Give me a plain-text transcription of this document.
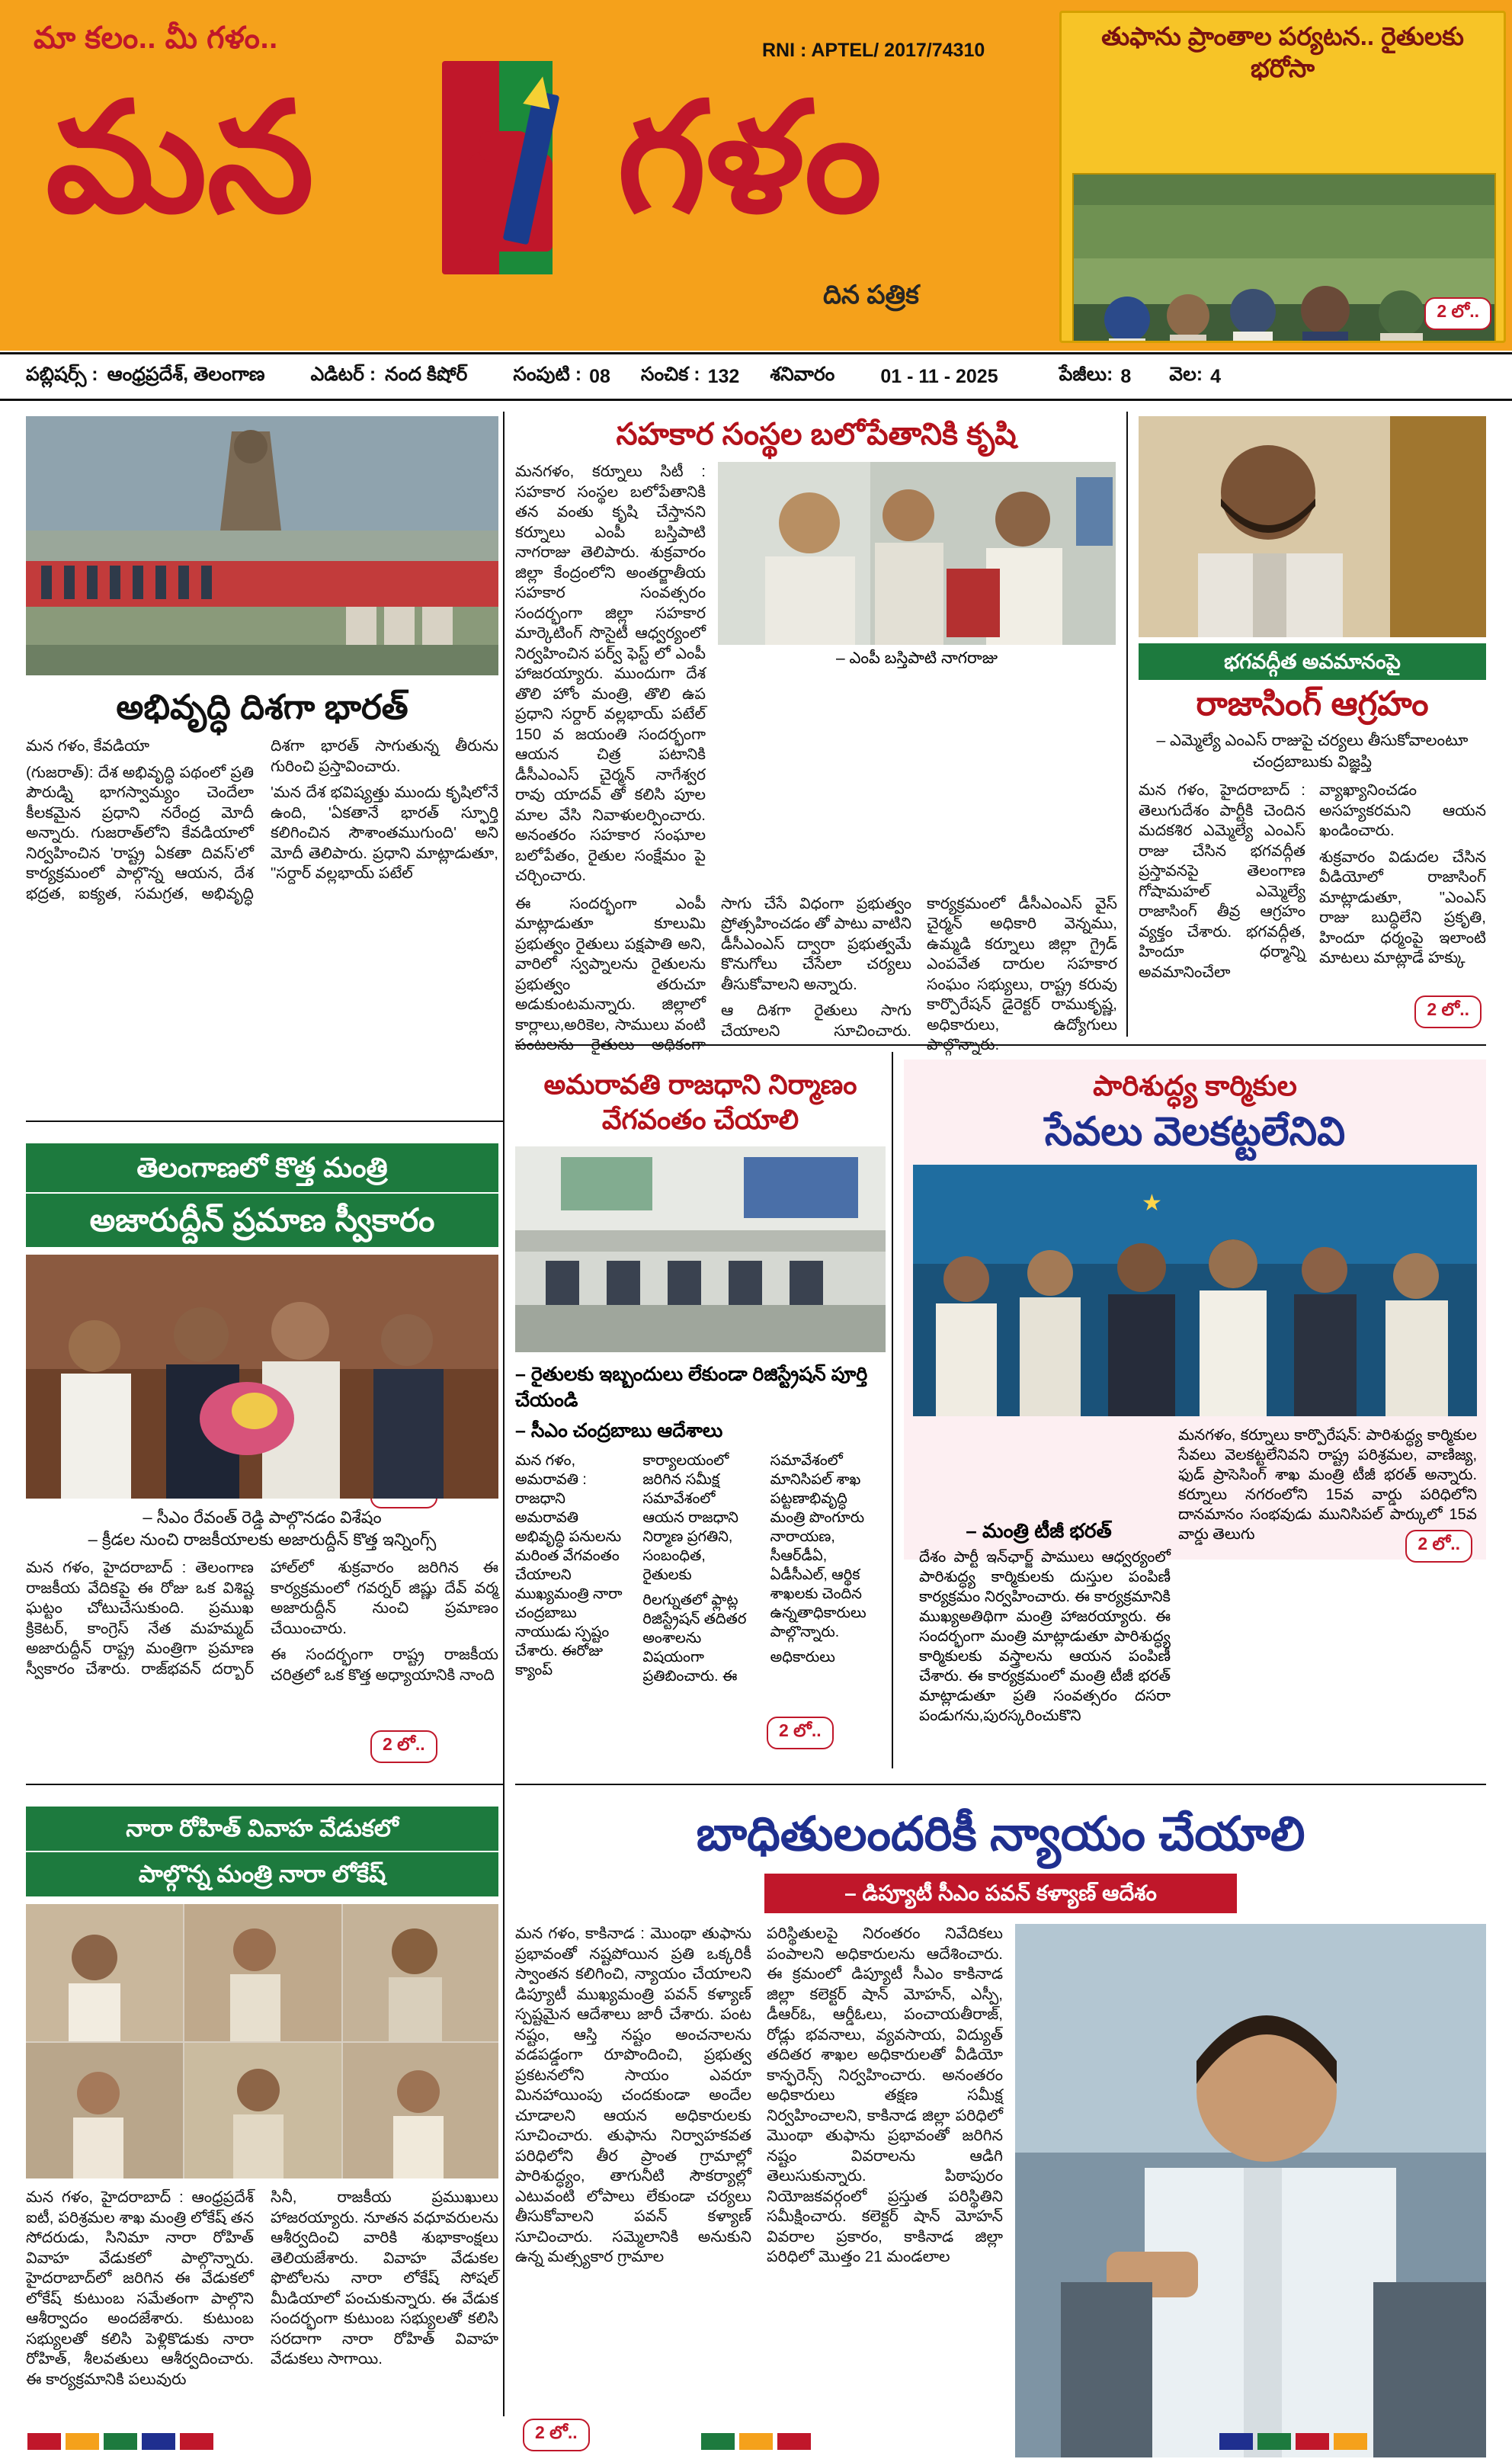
మా కలం.. మీ గళం..
మన గళం
RNI : APTEL/ 2017/74310
దిన పత్రిక
తుఫాను ప్రాంతాల పర్యటన.. రైతులకు భరోసా
2 లో..
పబ్లిషర్స్ : ఆంధ్రప్రదేశ్, తెలంగాణ ఎడిటర్ : నంద కిషోర్ సంపుటి : 08 సంచిక : 132 శనివారం 01 - 11 - 2025	పేజీలు: 8 వెల: 4
అభివృద్ధి దిశగా భారత్

మన గళం, కేవడియా

(గుజరాత్): దేశ అభివృద్ధి పథంలో ప్రతి పౌరుడ్ని భాగస్వామ్యం చెందేలా కీలకమైన ప్రధాని నరేంద్ర మోదీ అన్నారు. గుజరాత్‌లోని కేవడియాలో నిర్వహించిన 'రాష్ట్ర ఏకతా దివస్'లో కార్యక్రమంలో పాల్గొన్న ఆయన, దేశ భద్రత, ఐక్యత, సమగ్రత, అభివృద్ధి దిశగా భారత్ సాగుతున్న తీరును గురించి ప్రస్తావించారు.

'మన దేశ భవిష్యత్తు ముందు కృషిలోనే ఉంది, 'ఏకతానే భారత్ స్ఫూర్తి కలిగించిన సౌశాంతముగుంది' అని మోదీ తెలిపారు. ప్రధాని మాట్లాడుతూ, "సర్దార్ వల్లభాయ్ పటేల్

సహకార సంస్థల బలోపేతానికి కృషి
మనగళం, కర్నూలు సిటీ : సహకార సంస్థల బలోపేతానికి తన వంతు కృషి చేస్తానని కర్నూలు ఎంపీ బస్తిపాటి నాగరాజు తెలిపారు. శుక్రవారం జిల్లా కేంద్రంలోని అంతర్జాతీయ సహకార సంవత్సరం సందర్భంగా జిల్లా సహకార మార్కెటింగ్ సొసైటీ ఆధ్వర్యంలో నిర్వహించిన పర్వ్ ఫెస్ట్ లో ఎంపీ హాజరయ్యారు. ముందుగా దేశ తొలి హోం మంత్రి, తొలి ఉప ప్రధాని సర్దార్ వల్లభాయ్ పటేల్ 150 వ జయంతి సందర్భంగా ఆయన చిత్ర పటానికి డీసీఎంఎస్ చైర్మన్ నాగేశ్వర రావు యాదవ్ తో కలిసి పూల మాల వేసి నివాళులర్పించారు. అనంతరం సహకార సంఘాల బలోపేతం, రైతుల సంక్షేమం పై చర్చించారు.
– ఎంపీ బస్తిపాటి నాగరాజు

ఈ సందర్భంగా ఎంపీ మాట్లాడుతూ కూలుమి ప్రభుత్వం రైతులు పక్షపాతి అని, వారిలో స్వప్నాలను రైతులను ప్రభుత్వం తరుచూ అడుకుంటమన్నారు. జిల్లాలో కార్లాలు,అరికెల, సాములు వంటి పంటలను రైతులు అధికంగా సాగు చేసే విధంగా ప్రభుత్వం ప్రోత్సహించడం తో పాటు వాటిని డీసీఎంఎస్ ద్వారా ప్రభుత్వమే కొనుగోలు చేసేలా చర్యలు తీసుకోవాలని అన్నారు.

ఆ దిశగా రైతులు సాగు చేయాలని సూచించారు. కార్యక్రమంలో డీసీఎంఎస్ వైస్ చైర్మన్ అధికారి వెన్నము, ఉమ్మడి కర్నూలు జిల్లా గ్రైడ్ ఎంపవేత దారుల సహకార సంఘం సభ్యులు, రాష్ట్ర కరువు కార్పొరేషన్ డైరెక్టర్ రాముకృష్ణ, అధికారులు, ఉద్యోగులు పాల్గొన్నారు.

భగవద్గీత అవమానంపై
రాజాసింగ్ ఆగ్రహం
– ఎమ్మెల్యే ఎంఎస్ రాజుపై చర్యలు తీసుకోవాలంటూ చంద్రబాబుకు విజ్ఞప్తి

మన గళం, హైదరాబాద్ : తెలుగుదేశం పార్టీకి చెందిన మదకశిర ఎమ్మెల్యే ఎంఎస్ రాజు చేసిన భగవద్గీత ప్రస్తావనపై తెలంగాణ గోషామహల్ ఎమ్మెల్యే రాజాసింగ్ తీవ్ర ఆగ్రహం వ్యక్తం చేశారు. భగవద్గీత, హిందూ ధర్మాన్ని అవమానించేలా వ్యాఖ్యానించడం అసహ్యకరమని ఆయన ఖండించారు.

శుక్రవారం విడుదల చేసిన వీడియోలో రాజాసింగ్ మాట్లాడుతూ, "ఎంఎస్ రాజు బుద్ధిలేని ప్రకృతి, హిందూ ధర్మంపై ఇలాంటి మాటలు మాట్లాడే హక్కు

2 లో..
తెలంగాణలో కొత్త మంత్రి
అజారుద్దీన్ ప్రమాణ స్వీకారం
– సీఎం రేవంత్ రెడ్డి పాల్గొనడం విశేషం
– క్రీడల నుంచి రాజకీయాలకు అజారుద్దీన్ కొత్త ఇన్నింగ్స్

మన గళం, హైదరాబాద్ : తెలంగాణ రాజకీయ వేదికపై ఈ రోజు ఒక విశిష్ట ఘట్టం చోటుచేసుకుంది. ప్రముఖ క్రికెటర్, కాంగ్రెస్ నేత మహమ్మద్ అజారుద్దీన్ రాష్ట్ర మంత్రిగా ప్రమాణ స్వీకారం చేశారు. రాజ్‌భవన్ దర్బార్ హాల్‌లో శుక్రవారం జరిగిన ఈ కార్యక్రమంలో గవర్నర్ జిష్ణు దేవ్ వర్మ అజారుద్దీన్ నుంచి ప్రమాణం చేయించారు.

ఈ సందర్భంగా రాష్ట్ర రాజకీయ చరిత్రలో ఒక కొత్త అధ్యాయానికి నాంది

2 లో..
అమరావతి రాజధాని నిర్మాణం వేగవంతం చేయాలి
– రైతులకు ఇబ్బందులు లేకుండా రిజిస్ట్రేషన్ పూర్తి చేయండి
– సీఎం చంద్రబాబు ఆదేశాలు

మన గళం, అమరావతి : రాజధాని అమరావతి అభివృద్ధి పనులను మరింత వేగవంతం చేయాలని ముఖ్యమంత్రి నారా చంద్రబాబు నాయుడు స్పష్టం చేశారు. ఈరోజు క్యాంప్ కార్యాలయంలో జరిగిన సమీక్ష సమావేశంలో ఆయన రాజధాని నిర్మాణ ప్రగతిని, సంబంధిత, రైతులకు

రిలగ్నుతలో ఫ్లాట్ల రిజిస్ట్రేషన్ తదితర అంశాలను విషయంగా ప్రతిబించారు. ఈ సమావేశంలో మానిసిపల్ శాఖ పట్టణాభివృద్ధి మంత్రి పొంగూరు నారాయణ, సీఆర్‌డీఏ, ఏడీసీఎల్, ఆర్థిక శాఖలకు చెందిన ఉన్నతాధికారులు పాల్గొన్నారు.

అధికారులు

2 లో..
పారిశుద్ధ్య కార్మికుల
సేవలు వెలకట్టలేనివి
★
– మంత్రి టీజీ భరత్

మనగళం, కర్నూలు కార్పొరేషన్: పారిశుద్ధ్య కార్మికుల సేవలు వెలకట్టలేనివని రాష్ట్ర పరిశ్రమల, వాణిజ్య, ఫుడ్ ప్రాసెసింగ్ శాఖ మంత్రి టీజీ భరత్ అన్నారు. కర్నూలు నగరంలోని 15వ వార్డు పరిధిలోని దానమానం సంభవుడు మునిసిపల్ పార్కులో 15వ వార్డు తెలుగు

దేశం పార్టీ ఇన్‌ఛార్జ్ పాములు ఆధ్వర్యంలో పారిశుద్ధ్య కార్మికులకు దుస్తుల పంపిణీ కార్యక్రమం నిర్వహించారు. ఈ కార్యక్రమానికి ముఖ్యఅతిథిగా మంత్రి హాజరయ్యారు. ఈ సందర్భంగా మంత్రి మాట్లాడుతూ పారిశుద్ధ్య కార్మికులకు వస్త్రాలను ఆయన పంపిణీ చేశారు. ఈ కార్యక్రమంలో మంత్రి టీజీ భరత్ మాట్లాడుతూ ప్రతి సంవత్సరం దసరా పండుగను,పురస్కరించుకొని
2 లో..
నారా రోహిత్ వివాహ వేడుకలో
పాల్గొన్న మంత్రి నారా లోకేష్

మన గళం, హైదరాబాద్ : ఆంధ్రప్రదేశ్ ఐటీ, పరిశ్రమల శాఖ మంత్రి లోకేష్ తన సోదరుడు, సినిమా నారా రోహిత్ వివాహ వేడుకలో పాల్గొన్నారు. హైదరాబాద్‌లో జరిగిన ఈ వేడుకలో లోకేష్ కుటుంబ సమేతంగా పాల్గొని ఆశీర్వాదం అందజేశారు. కుటుంబ సభ్యులతో కలిసి పెళ్లికొడుకు నారా రోహిత్, శీలవతులు ఆశీర్వదించారు. ఈ కార్యక్రమానికి పలువురు

సినీ, రాజకీయ ప్రముఖులు హాజరయ్యారు. నూతన వధూవరులను ఆశీర్వదించి వారికి శుభాకాంక్షలు తెలియజేశారు. వివాహ వేడుకల ఫొటోలను నారా లోకేష్ సోషల్ మీడియాలో పంచుకున్నారు. ఈ వేడుక సందర్భంగా కుటుంబ సభ్యులతో కలిసి సరదాగా నారా రోహిత్ వివాహ వేడుకలు సాగాయి.

బాధితులందరికీ న్యాయం చేయాలి
– డిప్యూటీ సీఎం పవన్ కళ్యాణ్ ఆదేశం

మన గళం, కాకినాడ : మొంథా తుఫాను ప్రభావంతో నష్టపోయిన ప్రతి ఒక్కరికీ స్వాంతన కలిగించి, న్యాయం చేయాలని డిప్యూటీ ముఖ్యమంత్రి పవన్ కళ్యాణ్ స్పష్టమైన ఆదేశాలు జారీ చేశారు. పంట నష్టం, ఆస్తి నష్టం అంచనాలను వడపడ్డంగా రూపొందించి, ప్రభుత్వ ప్రకటనలోని సాయం ఎవరూ మినహాయింపు చందకుండా అందేల చూడాలని ఆయన అధికారులకు సూచించారు. తుఫాను నిర్వాహకవత పరిధిలోని తీర ప్రాంత గ్రామాల్లో పారిశుద్ధ్యం, తాగునీటి సౌకర్యాల్లో ఎటువంటి లోపాలు లేకుండా చర్యలు తీసుకోవాలని పవన్ కళ్యాణ్ సూచించారు. సమ్మెలానికి అనుకుని ఉన్న మత్స్యకార గ్రామాల

పరిస్థితులపై నిరంతరం నివేదికలు పంపాలని అధికారులను ఆదేశించారు. ఈ క్రమంలో డిప్యూటీ సీఎం కాకినాడ జిల్లా కలెక్టర్ షాన్ మోహన్, ఎస్పీ, డీఆర్ఓ, ఆర్డీఓలు, పంచాయతీరాజ్, రోడ్లు భవనాలు, వ్యవసాయ, విద్యుత్ తదితర శాఖల అధికారులతో వీడియో కాన్ఫరెన్స్ నిర్వహించారు. అనంతరం అధికారులు తక్షణ సమీక్ష నిర్వహించాలని, కాకినాడ జిల్లా పరిధిలో మొంథా తుఫాను ప్రభావంతో జరిగిన నష్టం వివరాలను ఆడిగి తెలుసుకున్నారు. పిఠాపురం నియోజకవర్గంలో ప్రస్తుత పరిస్థితిని సమీక్షించారు. కలెక్టర్ షాన్ మోహన్ వివరాల ప్రకారం, కాకినాడ జిల్లా పరిధిలో మొత్తం 21 మండలాల

2 లో..
